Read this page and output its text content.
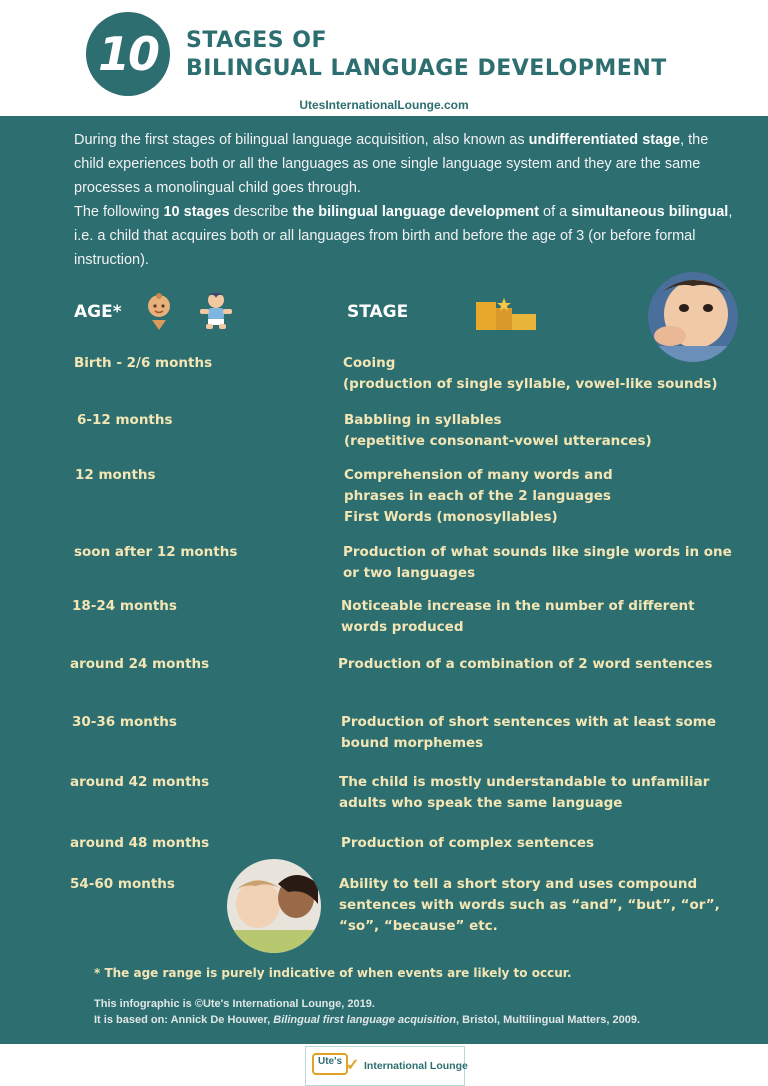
10	STAGES OF
BILINGUAL LANGUAGE DEVELOPMENT
UtesInternationalLounge.com

During the first stages of bilingual language acquisition, also known as undifferentiated stage, the child experiences both or all the languages as one single language system and they are the same processes a monolingual child goes through.

The following 10 stages describe the bilingual language development of a simultaneous bilingual, i.e. a child that acquires both or all languages from birth and before the age of 3 (or before formal instruction).

AGE*	STAGE
Birth - 2/6 months	Cooing
(production of single syllable, vowel-like sounds)
6-12 months	Babbling in syllables
(repetitive consonant-vowel utterances)
12 months	Comprehension of many words and
phrases in each of the 2 languages
First Words (monosyllables)
soon after 12 months	Production of what sounds like single words in one or two languages
18-24 months	Noticeable increase in the number of different words produced
around 24 months	Production of a combination of 2 word sentences
30-36 months	Production of short sentences with at least some bound morphemes
around 42 months	The child is mostly understandable to unfamiliar adults who speak the same language
around 48 months	Production of complex sentences
54-60 months	Ability to tell a short story and uses compound sentences with words such as “and”, “but”, “or”, “so”, “because” etc.
* The age range is purely indicative of when events are likely to occur.
This infographic is ©Ute's International Lounge, 2019.
It is based on: Annick De Houwer, Bilingual first language acquisition, Bristol, Multilingual Matters, 2009.
Ute's ✓ International Lounge
